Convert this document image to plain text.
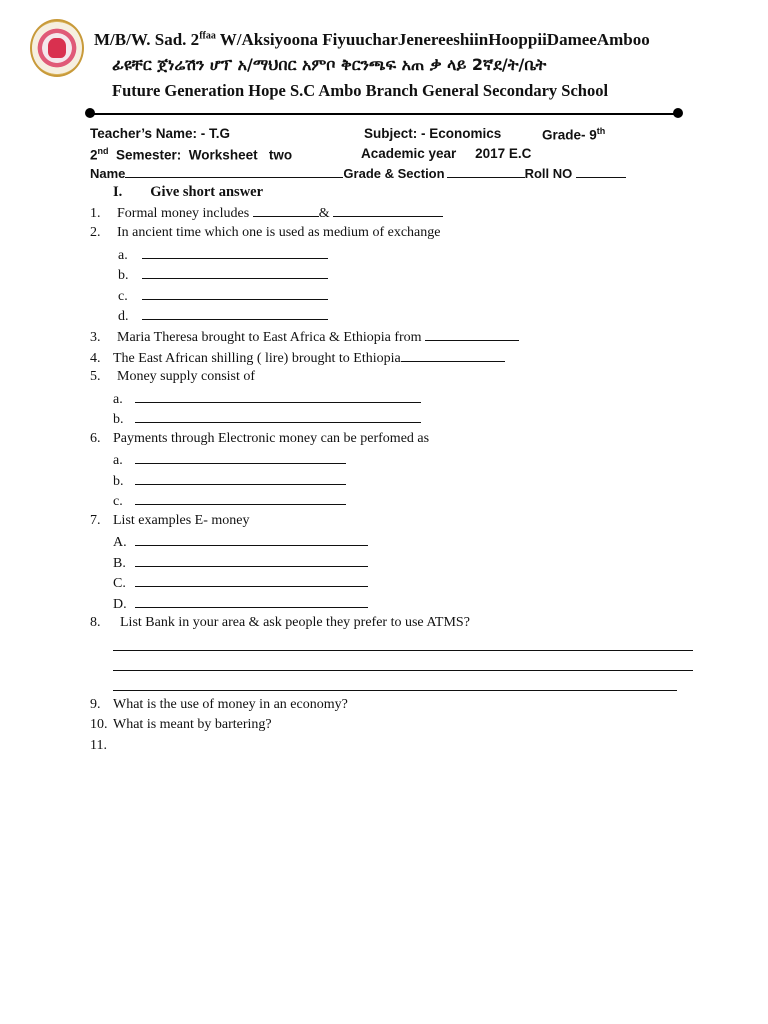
M/B/W. Sad. $2^{ffaa}$ W/Aksiyoona FiyuucharJenereeshiinHooppiiDameeAmboo
ፊዩቸር ጀነሬሽን ሆፕ አ/ማህበር አምቦ ቅርንጫፍ አጠ ቃ ላይ 2ኛደ/ት/ቤት
Future Generation Hope S.C Ambo Branch General Secondary School
Teacher’s Name: - T.G	Subject: - Economics	Grade- 9th
2nd  Semester:  Worksheet   two	Academic year     2017 E.C
Name	Grade & Section	Roll NO
I. Give short answer
1. Formal money includes	&
2. In ancient time which one is used as medium of exchange
a.
b.
c.
d.
3. Maria Theresa brought to East Africa & Ethiopia from
4. The East African shilling ( lire) brought to Ethiopia
5. Money supply consist of
a.
b.
6. Payments through Electronic money can be perfomed as
a.
b.
c.
7. List examples E- money
A.
B.
C.
D.
8. List Bank in your area & ask people they prefer to use ATMS?
9. What is the use of money in an economy?
10. What is meant by bartering?
11.
